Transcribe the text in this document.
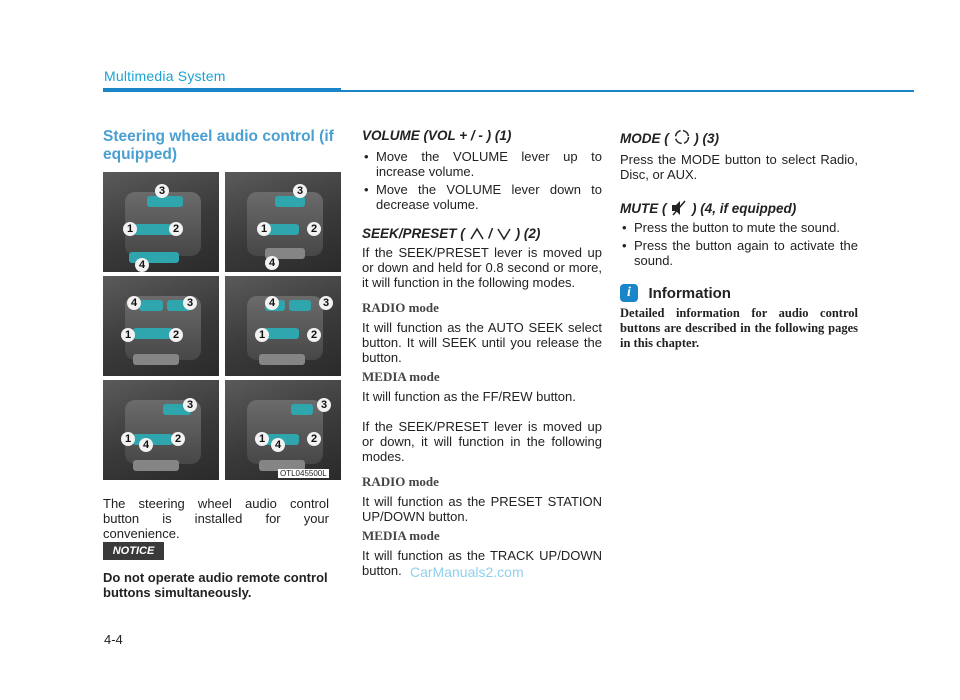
Multimedia System
Steering wheel audio control (if equipped)
3
1	2
4
3
1	2
4
4	3
1	2
4	3
1	2
3
1	4	2
3
1 4	2
OTL045500L
The steering wheel audio control button is installed for your convenience.
NOTICE
Do not operate audio remote control buttons simultaneously.
VOLUME (VOL + / - ) (1)
• Move the VOLUME lever up to increase volume.
• Move the VOLUME lever down to decrease volume.
SEEK/PRESET ( / ) (2)
If the SEEK/PRESET lever is moved up or down and held for 0.8 second or more, it will function in the following modes.
RADIO mode
It will function as the AUTO SEEK select button. It will SEEK until you release the button.
MEDIA mode
It will function as the FF/REW button.
If the SEEK/PRESET lever is moved up or down, it will function in the following modes.
RADIO mode
It will function as the PRESET STATION UP/DOWN button.
MEDIA mode
It will function as the TRACK UP/DOWN button.
MODE ( ) (3)
Press the MODE button to select Radio, Disc, or AUX.
MUTE ( ) (4, if equipped)
• Press the button to mute the sound.
• Press the button again to activate the sound.
i Information
Detailed information for audio control buttons are described in the following pages in this chapter.
4-4
CarManuals2.com
